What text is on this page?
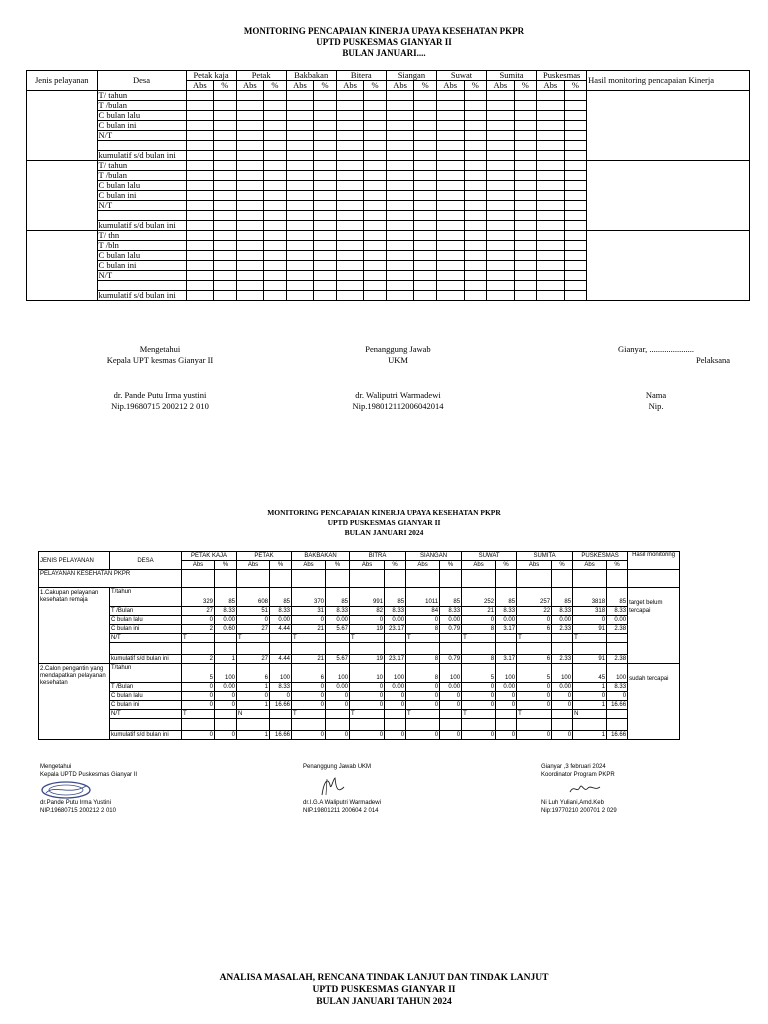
MONITORING PENCAPAIAN KINERJA UPAYA KESEHATAN PKPR
UPTD PUSKESMAS GIANYAR II
BULAN JANUARI....
Jenis pelayanan	Desa	Petak kaja		Petak		Bakbakan		Bitera		Siangan		Suwat		Sumita		Puskesmas		Hasil monitoring pencapaian Kinerja
		Abs	%	Abs	%	Abs	%	Abs	%	Abs	%	Abs	%	Abs	%	Abs	%	
	T/ tahun																	
	T /bulan																	
	C bulan lalu																	
	C bulan ini																	
	N/T																	

	kumulatif s/d bulan ini																	
	T/ tahun																	
	T /bulan																	
	C bulan lalu																	
	C bulan ini																	
	N/T																	

	kumulatif s/d bulan ini																	
	T/ thn																	
	T /bln																	
	C bulan lalu																	
	C bulan ini																	
	N/T																	

	kumulatif s/d bulan ini																	
Mengetahui
Kepala UPT kesmas Gianyar II
dr. Pande Putu Irma yustini
Nip.19680715 200212 2 010
Penanggung Jawab
UKM
dr. Waliputri Warmadewi
Nip.198012112006042014
Gianyar, .....................
Pelaksana
Nama
Nip.
MONITORING PENCAPAIAN KINERJA UPAYA KESEHATAN PKPR
UPTD PUSKESMAS GIANYAR II
BULAN JANUARI 2024
JENIS PELAYANAN	DESA	PETAK KAJA		PETAK		BAKBAKAN		BITRA		SIANGAN		SUWAT		SUMITA		PUSKESMAS		Hasil monitoring
		Abs	%	Abs	%	Abs	%	Abs	%	Abs	%	Abs	%	Abs	%	Abs	%	
PELAYANAN KESEHATAN PKPR																		
1.Cakupan pelayanan kesehatan remaja	T/tahun	329	85	608	85	370	85	991	85	1011	85	252	85	257	85	3818	85	target belum
tercapai

	T /Bulan	27	8.33	51	8.33	31	8.33	82	8.33	84	8.33	21	8.33	22	8.33	318	8.33	
	C bulan lalu	0	0.00	0	0.00	0	0.00	0	0.00	0	0.00	0	0.00	0	0.00	0	0.00	
	C bulan ini	2	0.60	27	4.44	21	5.67	19	23.17	8	0.79	8	3.17	6	2.33	91	2.38	
	N/T	T		T		T		T		T		T		T		T		

	kumulatif s/d bulan ini	2	1	27	4.44	21	5.67	19	23.17	8	0.79	8	3.17	6	2.33	91	2.38	
2.Calon pengantin yang mendapatkan pelayanan kesehatan	T/tahun	5	100	6	100	6	100	10	100	8	100	5	100	5	100	45	100	sudah tercapai

	T /Bulan	0	0.00	1	8.33	0	0.00	0	0.00	0	0.00	0	0.00	0	0.00	1	8.33	
	C bulan lalu	0	0	0	0	0	0	0	0	0	0	0	0	0	0	0	0	
	C bulan ini	0	0	1	16.66	0	0	0	0	0	0	0	0	0	0	1	16.66	
	N/T	T		N		T		T		T		T		T		N		

	kumulatif s/d bulan ini	0	0	1	16.66	0	0	0	0	0	0	0	0	0	0	1	16.66	
Mengetahui
Kepala UPTD Puskesmas Gianyar II
dr.Pande Putu Irma Yustini
NIP.19680715 200212 2 010
Penanggung Jawab UKM
dr.I.G.A Waliputri Warmadewi
NIP.19801211 200604 2 014
Gianyar ,3 februari 2024
Koordinator Program PKPR
Ni Luh Yuliani,Amd.Keb
Nip:19770210 200701 2 029
ANALISA MASALAH, RENCANA TINDAK LANJUT DAN TINDAK LANJUT
UPTD PUSKESMAS GIANYAR II
BULAN JANUARI TAHUN 2024
